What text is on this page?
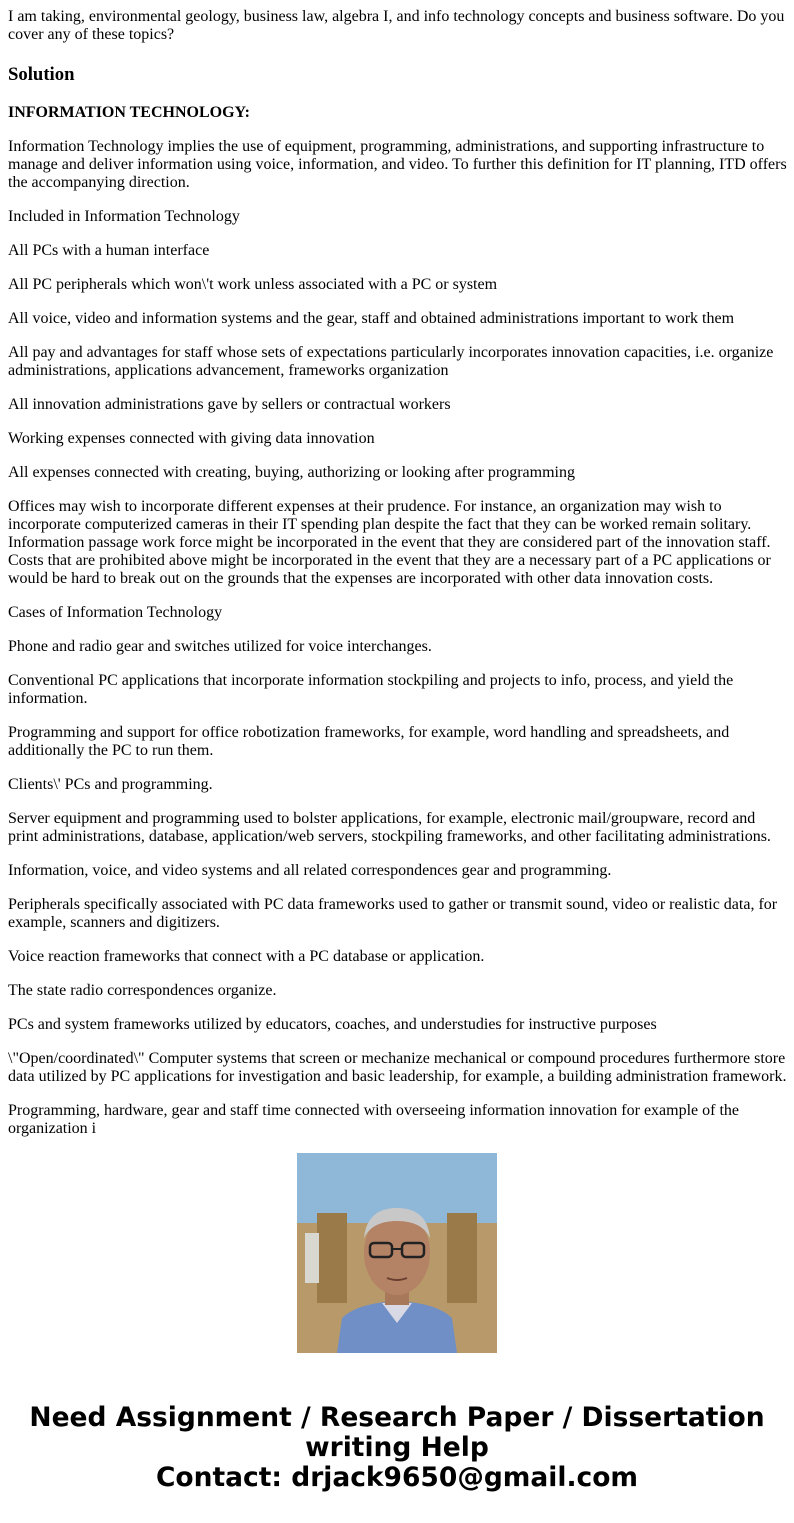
I am taking, environmental geology, business law, algebra I, and info technology concepts and business software. Do you cover any of these topics?

Solution

INFORMATION TECHNOLOGY:

Information Technology implies the use of equipment, programming, administrations, and supporting infrastructure to manage and deliver information using voice, information, and video. To further this definition for IT planning, ITD offers the accompanying direction.

Included in Information Technology

All PCs with a human interface

All PC peripherals which won\'t work unless associated with a PC or system

All voice, video and information systems and the gear, staff and obtained administrations important to work them

All pay and advantages for staff whose sets of expectations particularly incorporates innovation capacities, i.e. organize administrations, applications advancement, frameworks organization

All innovation administrations gave by sellers or contractual workers

Working expenses connected with giving data innovation

All expenses connected with creating, buying, authorizing or looking after programming

Offices may wish to incorporate different expenses at their prudence. For instance, an organization may wish to incorporate computerized cameras in their IT spending plan despite the fact that they can be worked remain solitary. Information passage work force might be incorporated in the event that they are considered part of the innovation staff. Costs that are prohibited above might be incorporated in the event that they are a necessary part of a PC applications or would be hard to break out on the grounds that the expenses are incorporated with other data innovation costs.

Cases of Information Technology

Phone and radio gear and switches utilized for voice interchanges.

Conventional PC applications that incorporate information stockpiling and projects to info, process, and yield the information.

Programming and support for office robotization frameworks, for example, word handling and spreadsheets, and additionally the PC to run them.

Clients\' PCs and programming.

Server equipment and programming used to bolster applications, for example, electronic mail/groupware, record and print administrations, database, application/web servers, stockpiling frameworks, and other facilitating administrations.

Information, voice, and video systems and all related correspondences gear and programming.

Peripherals specifically associated with PC data frameworks used to gather or transmit sound, video or realistic data, for example, scanners and digitizers.

Voice reaction frameworks that connect with a PC database or application.

The state radio correspondences organize.

PCs and system frameworks utilized by educators, coaches, and understudies for instructive purposes

\"Open/coordinated\" Computer systems that screen or mechanize mechanical or compound procedures furthermore store data utilized by PC applications for investigation and basic leadership, for example, a building administration framework.

Programming, hardware, gear and staff time connected with overseeing information innovation for example of the organization i

Need Assignment / Research Paper / Dissertation
writing Help
Contact: drjack9650@gmail.com
